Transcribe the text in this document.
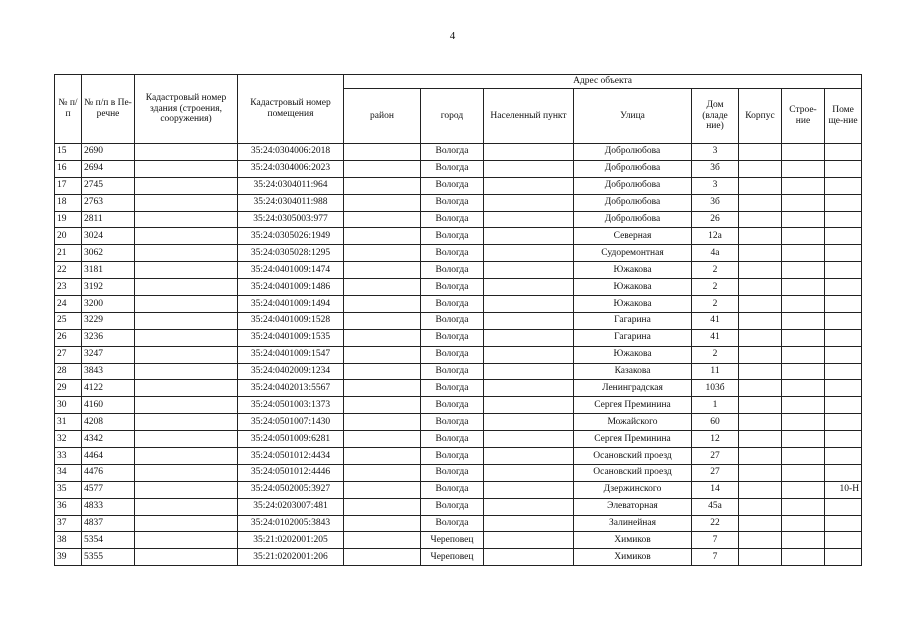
4
№ п/п	№ п/п в Пе-речне	Кадастровый номер здания (строения, сооружения)	Кадастровый номер помещения	Адрес объекта							
				район	город	Населенный пункт	Улица	Дом (владе ние)	Корпус	Строе-ние	Поме ще-ние
15	2690		35:24:0304006:2018		Вологда		Добролюбова	3			
16	2694		35:24:0304006:2023		Вологда		Добролюбова	3б			
17	2745		35:24:0304011:964		Вологда		Добролюбова	3			
18	2763		35:24:0304011:988		Вологда		Добролюбова	3б			
19	2811		35:24:0305003:977		Вологда		Добролюбова	26			
20	3024		35:24:0305026:1949		Вологда		Северная	12а			
21	3062		35:24:0305028:1295		Вологда		Судоремонтная	4а			
22	3181		35:24:0401009:1474		Вологда		Южакова	2			
23	3192		35:24:0401009:1486		Вологда		Южакова	2			
24	3200		35:24:0401009:1494		Вологда		Южакова	2			
25	3229		35:24:0401009:1528		Вологда		Гагарина	41			
26	3236		35:24:0401009:1535		Вологда		Гагарина	41			
27	3247		35:24:0401009:1547		Вологда		Южакова	2			
28	3843		35:24:0402009:1234		Вологда		Казакова	11			
29	4122		35:24:0402013:5567		Вологда		Ленинградская	103б			
30	4160		35:24:0501003:1373		Вологда		Сергея Преминина	1			
31	4208		35:24:0501007:1430		Вологда		Можайского	60			
32	4342		35:24:0501009:6281		Вологда		Сергея Преминина	12			
33	4464		35:24:0501012:4434		Вологда		Осановский проезд	27			
34	4476		35:24:0501012:4446		Вологда		Осановский проезд	27			
35	4577		35:24:0502005:3927		Вологда		Дзержинского	14			10-Н
36	4833		35:24:0203007:481		Вологда		Элеваторная	45а			
37	4837		35:24:0102005:3843		Вологда		Залинейная	22			
38	5354		35:21:0202001:205		Череповец		Химиков	7			
39	5355		35:21:0202001:206		Череповец		Химиков	7			
